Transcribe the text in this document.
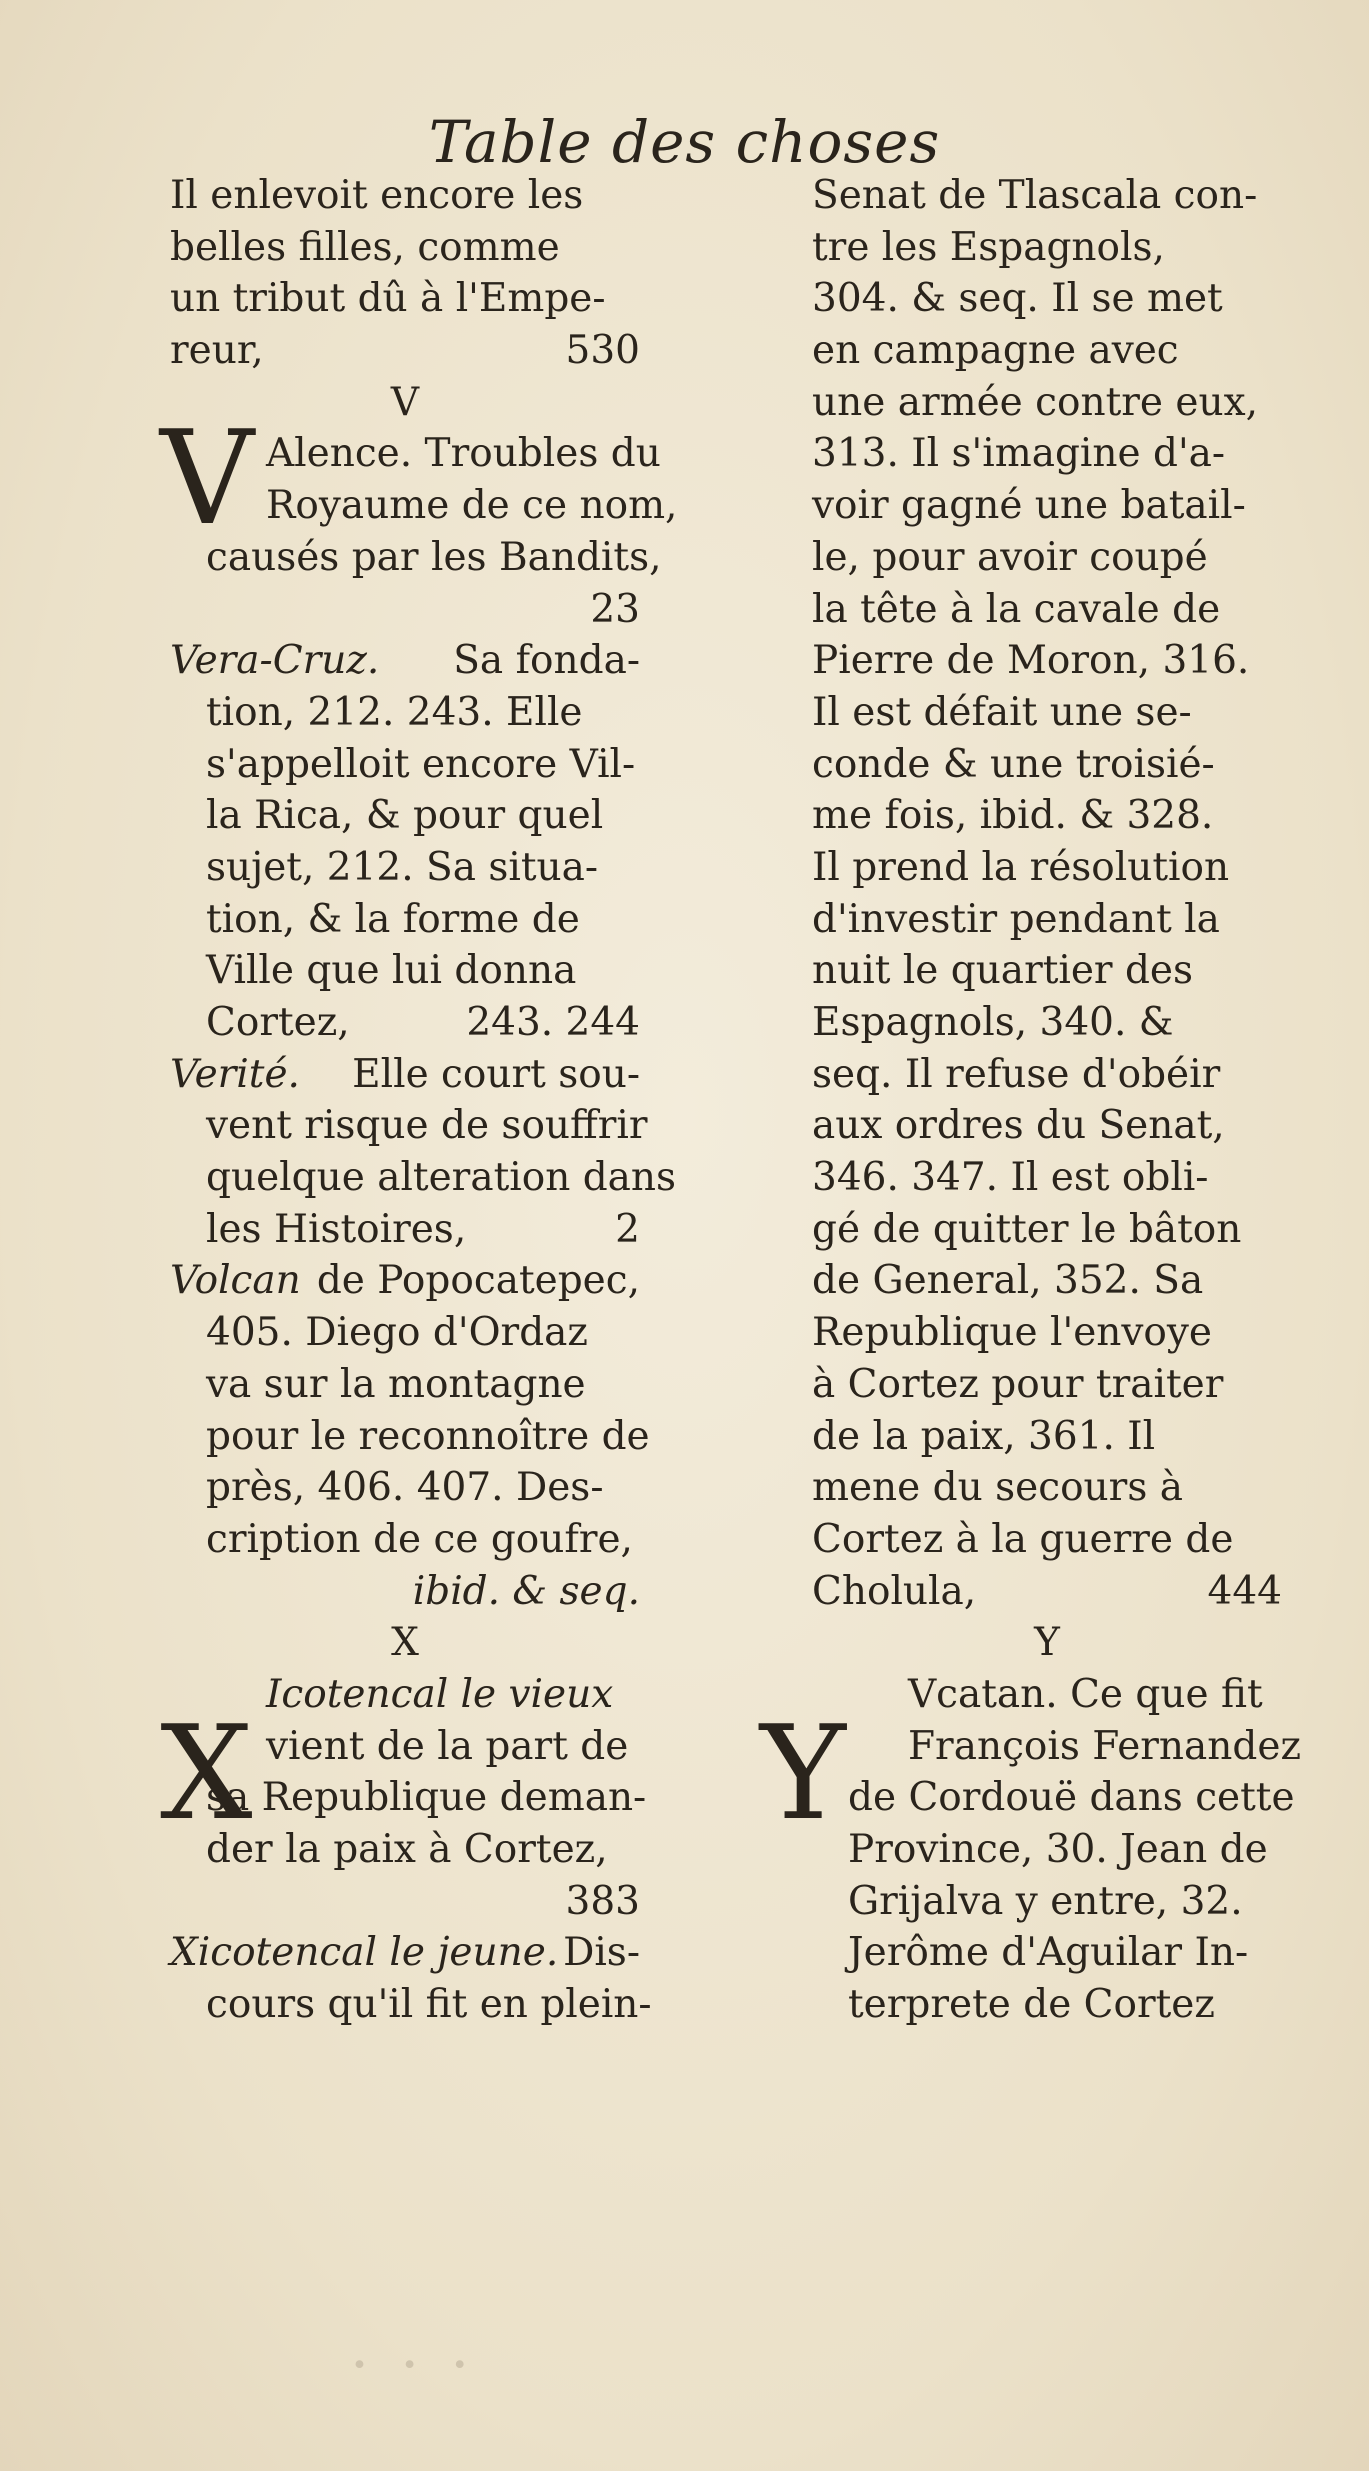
Table des choses
V
X	Y
Il enlevoit encore les
belles filles, comme
un tribut dû à l'Empe-
reur,	530
V
Alence. Troubles du
Royaume de ce nom,
causés par les Bandits,
23
Vera-Cruz. Sa fonda-
tion, 212. 243. Elle
s'appelloit encore Vil-
la Rica, & pour quel
sujet, 212. Sa situa-
tion, & la forme de
Ville que lui donna
Cortez,	243. 244
Verité. Elle court sou-
vent risque de souffrir
quelque alteration dans
les Histoires,	2
Volcan de Popocatepec,
405. Diego d'Ordaz
va sur la montagne
pour le reconnoître de
près, 406. 407. Des-
cription de ce goufre,
ibid. & seq.
X
Icotencal le vieux
vient de la part de
sa Republique deman-
der la paix à Cortez,
383
Xicotencal le jeune. Dis-
cours qu'il fit en plein-
Senat de Tlascala con-
tre les Espagnols,
304. & seq. Il se met
en campagne avec
une armée contre eux,
313. Il s'imagine d'a-
voir gagné une batail-
le, pour avoir coupé
la tête à la cavale de
Pierre de Moron, 316.
Il est défait une se-
conde & une troisié-
me fois, ibid. & 328.
Il prend la résolution
d'investir pendant la
nuit le quartier des
Espagnols, 340. &
seq. Il refuse d'obéir
aux ordres du Senat,
346. 347. Il est obli-
gé de quitter le bâton
de General, 352. Sa
Republique l'envoye
à Cortez pour traiter
de la paix, 361. Il
mene du secours à
Cortez à la guerre de
Cholula,	444
Y
Vcatan. Ce que fit
François Fernandez
de Cordouë dans cette
Province, 30. Jean de
Grijalva y entre, 32.
Jerôme d'Aguilar In-
terprete de Cortez
· · ·
